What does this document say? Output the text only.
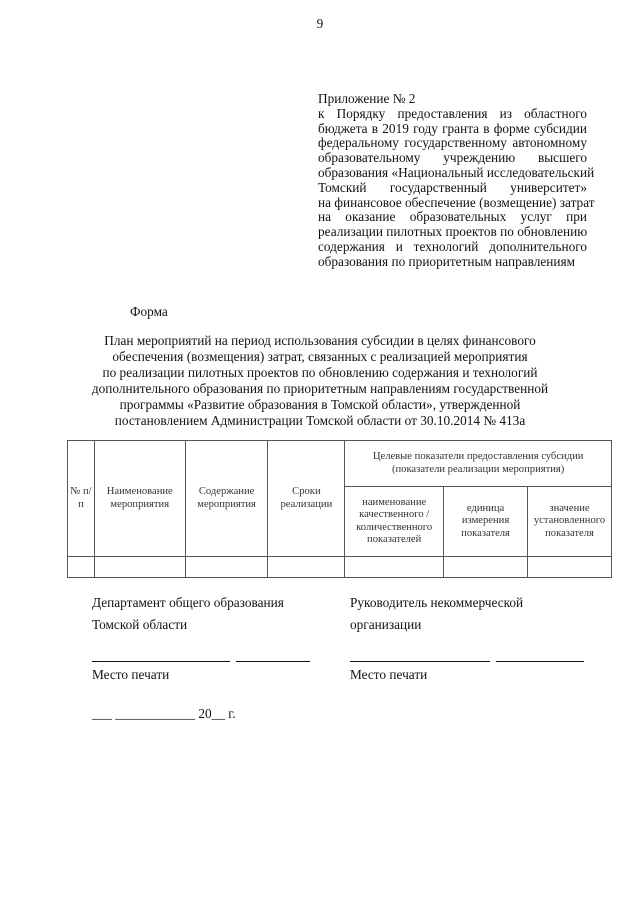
9
Приложение № 2
к Порядку предоставления из областного
бюджета в 2019 году гранта в форме субсидии
федеральному государственному автономному
образовательному учреждению высшего
образования «Национальный исследовательский
Томский государственный университет»
на финансовое обеспечение (возмещение) затрат
на оказание образовательных услуг при
реализации пилотных проектов по обновлению
содержания и технологий дополнительного
образования по приоритетным направлениям
Форма
План мероприятий на период использования субсидии в целях финансового
обеспечения (возмещения) затрат, связанных с реализацией мероприятия
по реализации пилотных проектов по обновлению содержания и технологий
дополнительного образования по приоритетным направлениям государственной
программы «Развитие образования в Томской области», утвержденной
постановлением Администрации Томской области от 30.10.2014 № 413а
№ п/п	Наименование мероприятия	Содержание мероприятия	Сроки реализации	Целевые показатели предоставления субсидии (показатели реализации мероприятия)		
				наименование качественного / количественного показателей	единица измерения показателя	значение установленного показателя

Департамент общего образования Томской области
Руководитель некоммерческой организации
Место печати	Место печати
___ ____________ 20__ г.
